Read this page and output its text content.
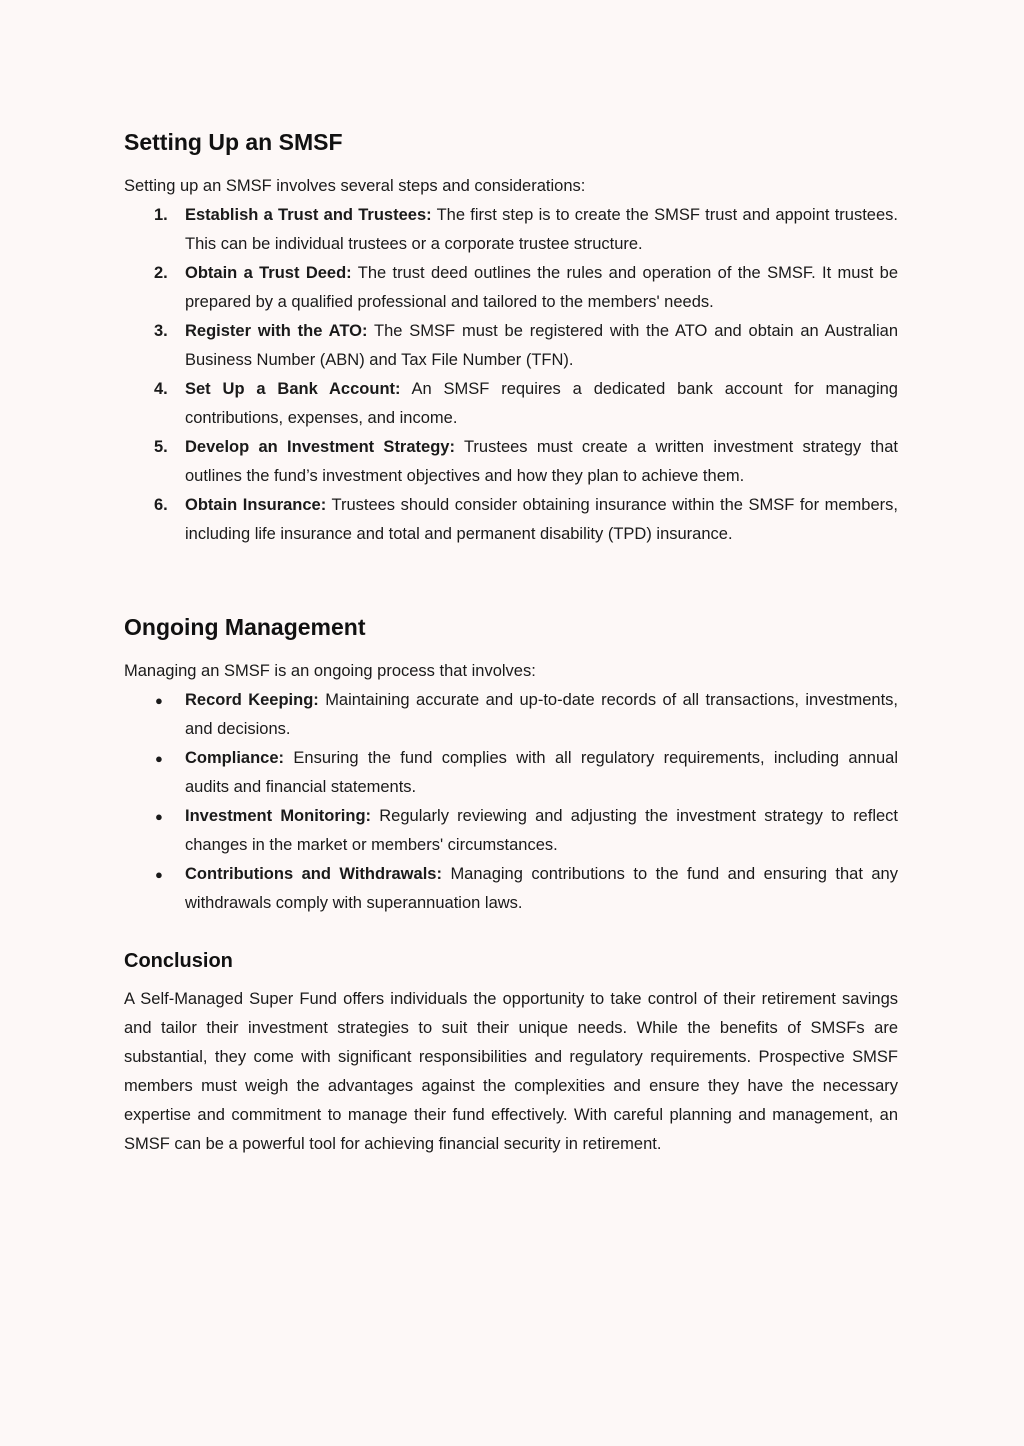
Setting Up an SMSF

Setting up an SMSF involves several steps and considerations:

1.	Establish a Trust and Trustees: The first step is to create the SMSF trust and appoint trustees. This can be individual trustees or a corporate trustee structure.
2.	Obtain a Trust Deed: The trust deed outlines the rules and operation of the SMSF. It must be prepared by a qualified professional and tailored to the members' needs.
3.	Register with the ATO: The SMSF must be registered with the ATO and obtain an Australian Business Number (ABN) and Tax File Number (TFN).
4.	Set Up a Bank Account: An SMSF requires a dedicated bank account for managing contributions, expenses, and income.
5.	Develop an Investment Strategy: Trustees must create a written investment strategy that outlines the fund’s investment objectives and how they plan to achieve them.
6.	Obtain Insurance: Trustees should consider obtaining insurance within the SMSF for members, including life insurance and total and permanent disability (TPD) insurance.
Ongoing Management

Managing an SMSF is an ongoing process that involves:

● Record Keeping: Maintaining accurate and up-to-date records of all transactions, investments, and decisions.
● Compliance: Ensuring the fund complies with all regulatory requirements, including annual audits and financial statements.
● Investment Monitoring: Regularly reviewing and adjusting the investment strategy to reflect changes in the market or members' circumstances.
● Contributions and Withdrawals: Managing contributions to the fund and ensuring that any withdrawals comply with superannuation laws.
Conclusion

A Self-Managed Super Fund offers individuals the opportunity to take control of their retirement savings and tailor their investment strategies to suit their unique needs. While the benefits of SMSFs are substantial, they come with significant responsibilities and regulatory requirements. Prospective SMSF members must weigh the advantages against the complexities and ensure they have the necessary expertise and commitment to manage their fund effectively. With careful planning and management, an SMSF can be a powerful tool for achieving financial security in retirement.
